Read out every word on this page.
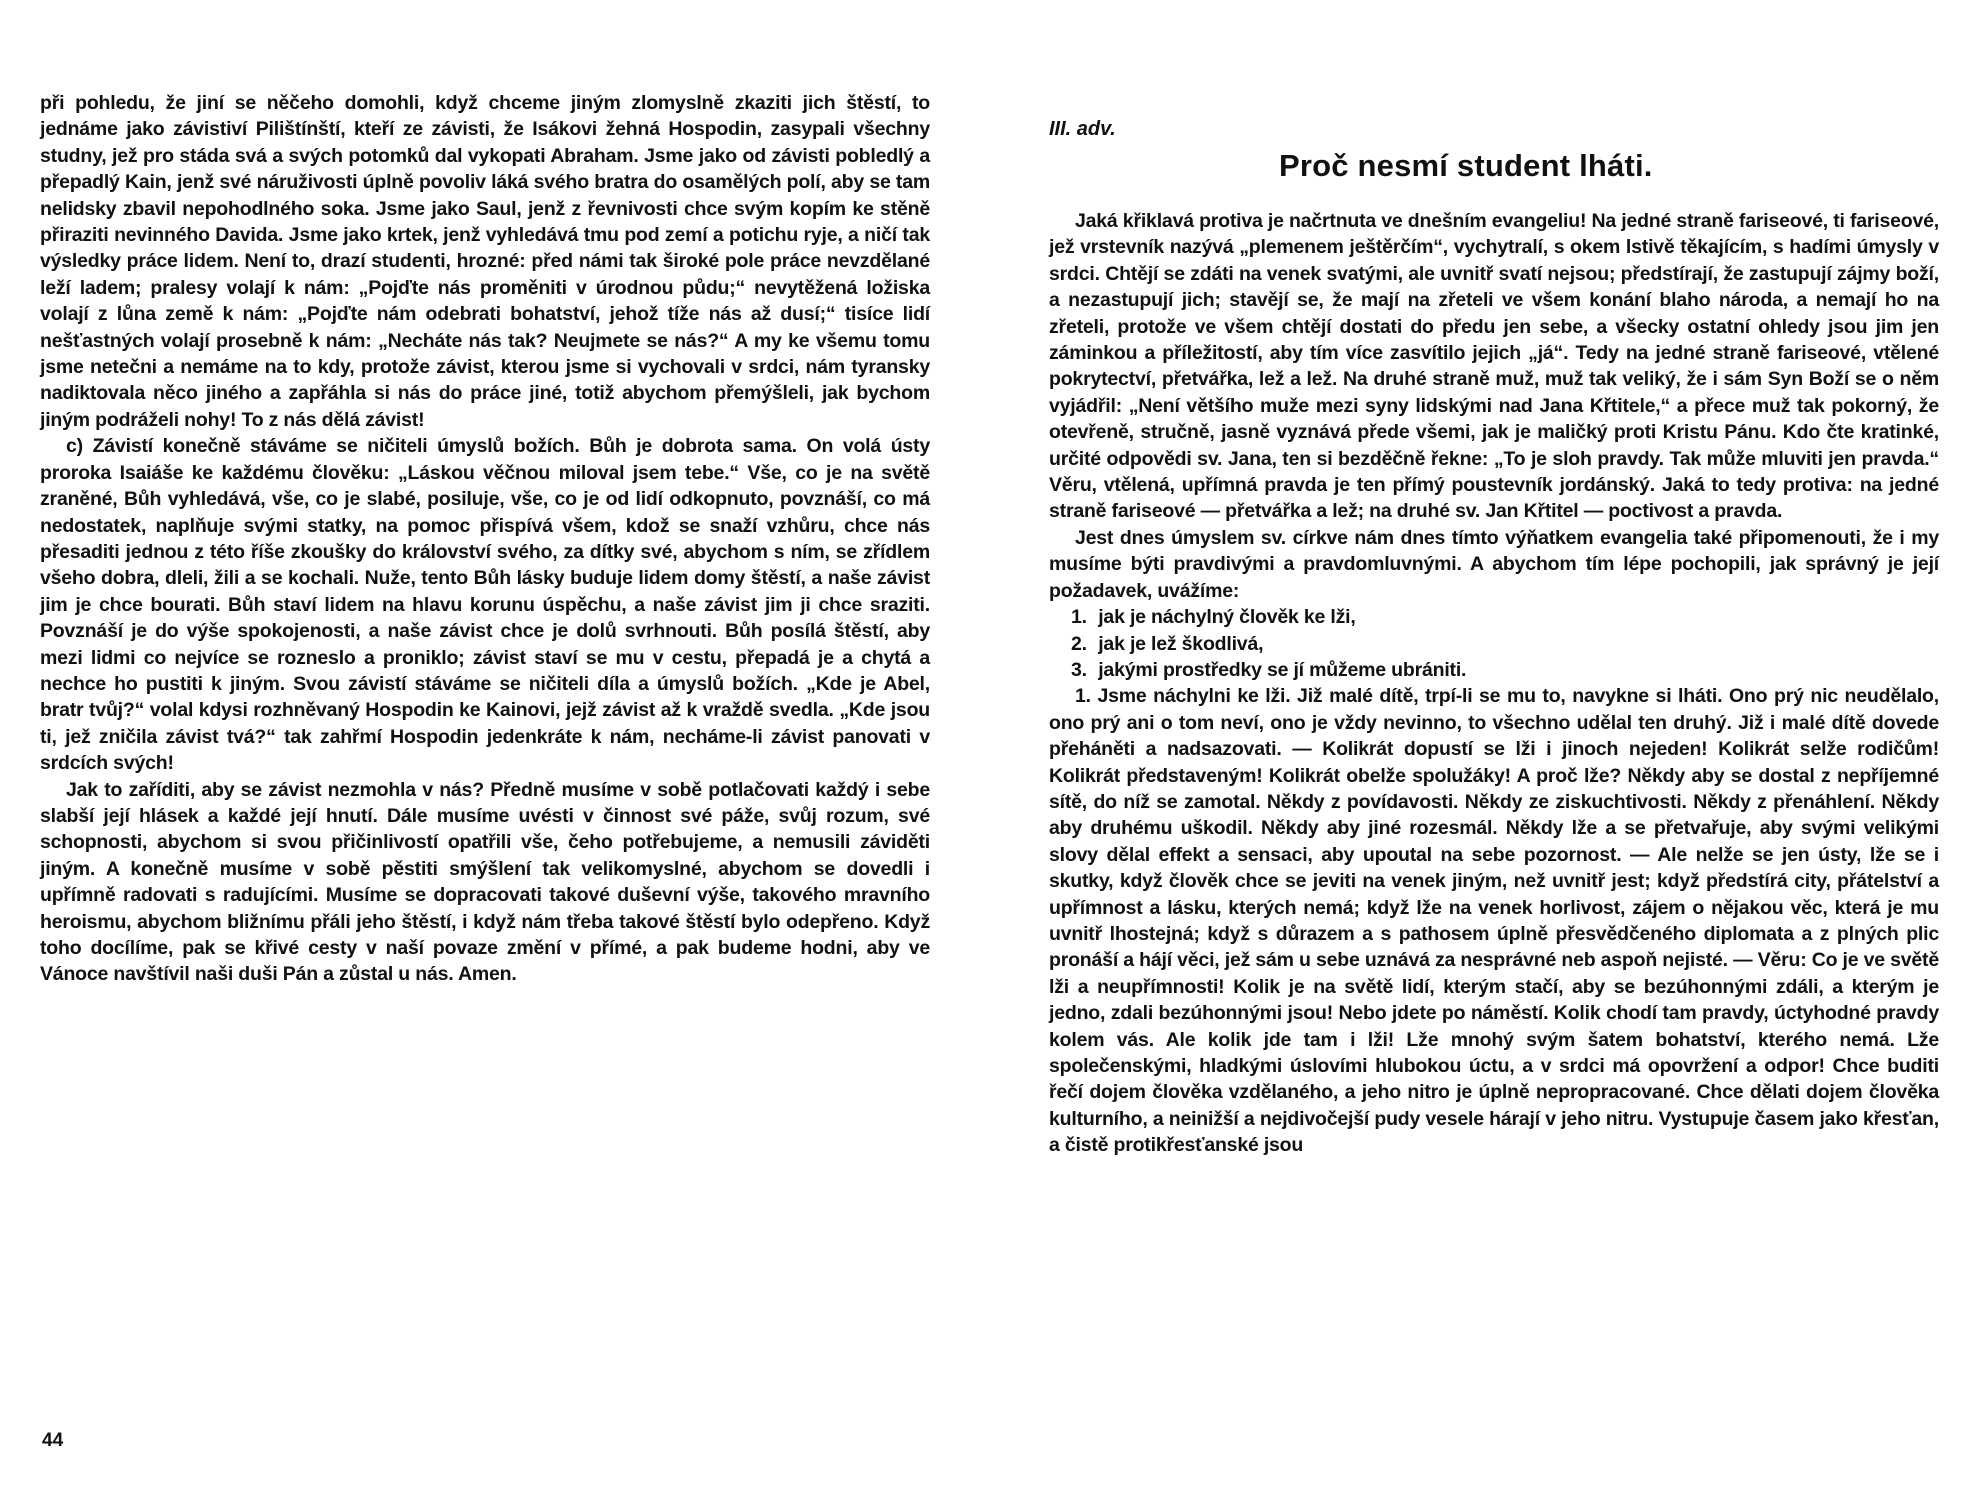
při pohledu, že jiní se něčeho domohli, když chceme jiným zlomyslně zkaziti jich štěstí, to jednáme jako závistiví Pilištínští, kteří ze závisti, že Isákovi žehná Hospodin, zasypali všechny studny, jež pro stáda svá a svých potomků dal vykopati Abraham. Jsme jako od závisti pobledlý a přepadlý Kain, jenž své náruživosti úplně povoliv láká svého bratra do osamělých polí, aby se tam nelidsky zbavil nepohodlného soka. Jsme jako Saul, jenž z řevnivosti chce svým kopím ke stěně přiraziti nevinného Davida. Jsme jako krtek, jenž vyhledává tmu pod zemí a potichu ryje, a ničí tak výsledky práce lidem. Není to, drazí studenti, hrozné: před námi tak široké pole práce nevzdělané leží ladem; pralesy volají k nám: „Pojďte nás proměniti v úrodnou půdu;“ nevytěžená ložiska volají z lůna země k nám: „Pojďte nám odebrati bohatství, jehož tíže nás až dusí;“ tisíce lidí nešťastných volají prosebně k nám: „Necháte nás tak? Neujmete se nás?“ A my ke všemu tomu jsme netečni a nemáme na to kdy, protože závist, kterou jsme si vychovali v srdci, nám tyransky nadiktovala něco jiného a zapřáhla si nás do práce jiné, totiž abychom přemýšleli, jak bychom jiným podráželi nohy! To z nás dělá závist!

c) Závistí konečně stáváme se ničiteli úmyslů božích. Bůh je dobrota sama. On volá ústy proroka Isaiáše ke každému člověku: „Láskou věčnou miloval jsem tebe.“ Vše, co je na světě zraněné, Bůh vyhledává, vše, co je slabé, posiluje, vše, co je od lidí odkopnuto, povznáší, co má nedostatek, naplňuje svými statky, na pomoc přispívá všem, kdož se snaží vzhůru, chce nás přesaditi jednou z této říše zkoušky do království svého, za dítky své, abychom s ním, se zřídlem všeho dobra, dleli, žili a se kochali. Nuže, tento Bůh lásky buduje lidem domy štěstí, a naše závist jim je chce bourati. Bůh staví lidem na hlavu korunu úspěchu, a naše závist jim ji chce sraziti. Povznáší je do výše spokojenosti, a naše závist chce je dolů svrhnouti. Bůh posílá štěstí, aby mezi lidmi co nejvíce se rozneslo a proniklo; závist staví se mu v cestu, přepadá je a chytá a nechce ho pustiti k jiným. Svou závistí stáváme se ničiteli díla a úmyslů božích. „Kde je Abel, bratr tvůj?“ volal kdysi rozhněvaný Hospodin ke Kainovi, jejž závist až k vraždě svedla. „Kde jsou ti, jež zničila závist tvá?“ tak zahřmí Hospodin jedenkráte k nám, necháme-li závist panovati v srdcích svých!

Jak to zaříditi, aby se závist nezmohla v nás? Předně musíme v sobě potlačovati každý i sebe slabší její hlásek a každé její hnutí. Dále musíme uvésti v činnost své páže, svůj rozum, své schopnosti, abychom si svou přičinlivostí opatřili vše, čeho potřebujeme, a nemusili záviděti jiným. A konečně musíme v sobě pěstiti smýšlení tak velikomyslné, abychom se dovedli i upřímně radovati s radujícími. Musíme se dopracovati takové duševní výše, takového mravního heroismu, abychom bližnímu přáli jeho štěstí, i když nám třeba takové štěstí bylo odepřeno. Když toho docílíme, pak se křivé cesty v naší povaze změní v přímé, a pak budeme hodni, aby ve Vánoce navštívil naši duši Pán a zůstal u nás. Amen.

44
III. adv.
Proč nesmí student lháti.

Jaká křiklavá protiva je načrtnuta ve dnešním evangeliu! Na jedné straně fariseové, ti fariseové, jež vrstevník nazývá „plemenem ještěrčím“, vychytralí, s okem lstivě těkajícím, s hadími úmysly v srdci. Chtějí se zdáti na venek svatými, ale uvnitř svatí nejsou; předstírají, že zastupují zájmy boží, a nezastupují jich; stavějí se, že mají na zřeteli ve všem konání blaho národa, a nemají ho na zřeteli, protože ve všem chtějí dostati do předu jen sebe, a všecky ostatní ohledy jsou jim jen záminkou a příležitostí, aby tím více zasvítilo jejich „já“. Tedy na jedné straně fariseové, vtělené pokrytectví, přetvářka, lež a lež. Na druhé straně muž, muž tak veliký, že i sám Syn Boží se o něm vyjádřil: „Není většího muže mezi syny lidskými nad Jana Křtitele,“ a přece muž tak pokorný, že otevřeně, stručně, jasně vyznává přede všemi, jak je maličký proti Kristu Pánu. Kdo čte kratinké, určité odpovědi sv. Jana, ten si bezděčně řekne: „To je sloh pravdy. Tak může mluviti jen pravda.“ Věru, vtělená, upřímná pravda je ten přímý poustevník jordánský. Jaká to tedy protiva: na jedné straně fariseové — přetvářka a lež; na druhé sv. Jan Křtitel — poctivost a pravda.

Jest dnes úmyslem sv. církve nám dnes tímto výňatkem evangelia také připomenouti, že i my musíme býti pravdivými a pravdomluvnými. A abychom tím lépe pochopili, jak správný je její požadavek, uvážíme:

1. jak je náchylný člověk ke lži,
2. jak je lež škodlivá,
3. jakými prostředky se jí můžeme ubrániti.

1. Jsme náchylni ke lži. Již malé dítě, trpí-li se mu to, navykne si lháti. Ono prý nic neudělalo, ono prý ani o tom neví, ono je vždy nevinno, to všechno udělal ten druhý. Již i malé dítě dovede přeháněti a nadsazovati. — Kolikrát dopustí se lži i jinoch nejeden! Kolikrát selže rodičům! Kolikrát představeným! Kolikrát obelže spolužáky! A proč lže? Někdy aby se dostal z nepříjemné sítě, do níž se zamotal. Někdy z povídavosti. Někdy ze ziskuchtivosti. Někdy z přenáhlení. Někdy aby druhému uškodil. Někdy aby jiné rozesmál. Někdy lže a se přetvařuje, aby svými velikými slovy dělal effekt a sensaci, aby upoutal na sebe pozornost. — Ale nelže se jen ústy, lže se i skutky, když člověk chce se jeviti na venek jiným, než uvnitř jest; když předstírá city, přátelství a upřímnost a lásku, kterých nemá; když lže na venek horlivost, zájem o nějakou věc, která je mu uvnitř lhostejná; když s důrazem a s pathosem úplně přesvědčeného diplomata a z plných plic pronáší a hájí věci, jež sám u sebe uznává za nesprávné neb aspoň nejisté. — Věru: Co je ve světě lži a neupřímnosti! Kolik je na světě lidí, kterým stačí, aby se bezúhonnými zdáli, a kterým je jedno, zdali bezúhonnými jsou! Nebo jdete po náměstí. Kolik chodí tam pravdy, úctyhodné pravdy kolem vás. Ale kolik jde tam i lži! Lže mnohý svým šatem bohatství, kterého nemá. Lže společenskými, hladkými úslovími hlubokou úctu, a v srdci má opovržení a odpor! Chce buditi řečí dojem člověka vzdělaného, a jeho nitro je úplně nepropracované. Chce dělati dojem člověka kulturního, a neinižší a nejdivočejší pudy vesele hárají v jeho nitru. Vystupuje časem jako křesťan, a čistě protikřesťanské jsou
